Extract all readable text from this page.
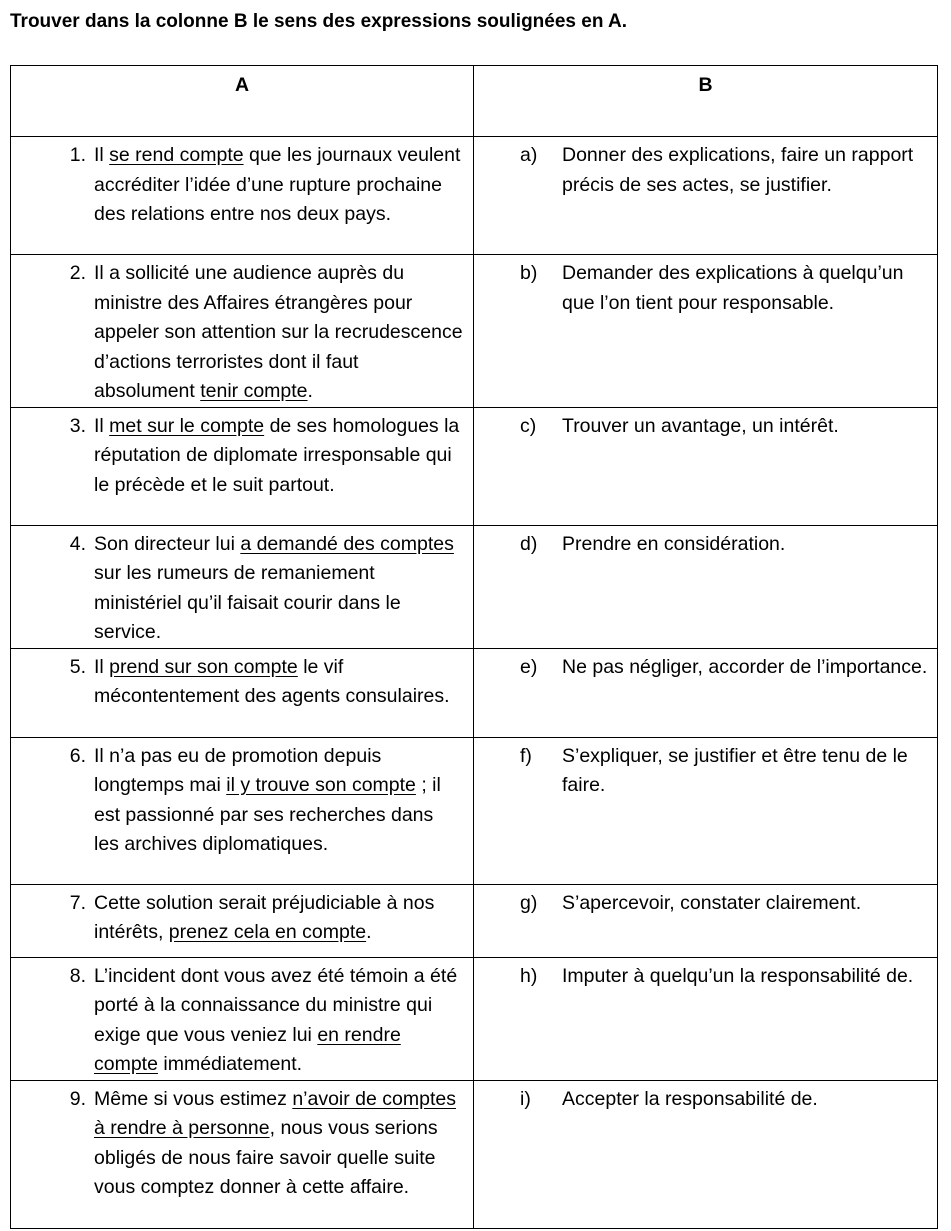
Trouver dans la colonne B le sens des expressions soulignées en A.
A	B

1. Il se rend compte que les journaux veulent accréditer l’idée d’une rupture prochaine des relations entre nos deux pays.	a) Donner des explications, faire un rapport précis de ses actes, se justifier.

2. Il a sollicité une audience auprès du ministre des Affaires étrangères pour appeler son attention sur la recrudescence d’actions terroristes dont il faut absolument tenir compte.	b) Demander des explications à quelqu’un que l’on tient pour responsable.

3. Il met sur le compte de ses homologues la réputation de diplomate irresponsable qui le précède et le suit partout.	c) Trouver un avantage, un intérêt.

4. Son directeur lui a demandé des comptes sur les rumeurs de remaniement ministériel qu’il faisait courir dans le service.	d) Prendre en considération.

5. Il prend sur son compte le vif mécontentement des agents consulaires.	e) Ne pas négliger, accorder de l’importance.

6. Il n’a pas eu de promotion depuis longtemps mai il y trouve son compte ; il est passionné par ses recherches dans les archives diplomatiques.	f) S’expliquer, se justifier et être tenu de le faire.

7. Cette solution serait préjudiciable à nos intérêts, prenez cela en compte.	g) S’apercevoir, constater clairement.

8. L’incident dont vous avez été témoin a été porté à la connaissance du ministre qui exige que vous veniez lui en rendre compte immédiatement.	h) Imputer à quelqu’un la responsabilité de.

9. Même si vous estimez n’avoir de comptes à rendre à personne, nous vous serions obligés de nous faire savoir quelle suite vous comptez donner à cette affaire.	i) Accepter la responsabilité de.
